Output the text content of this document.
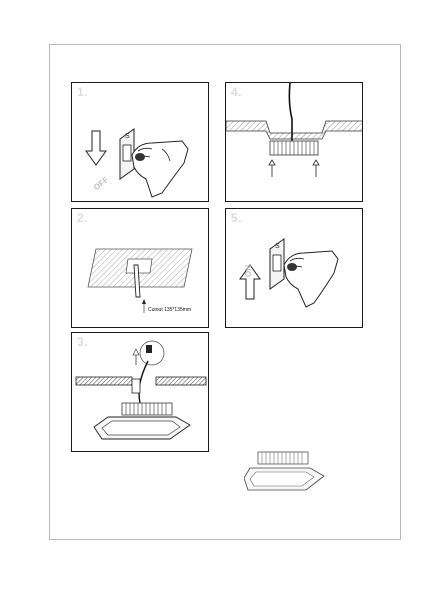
1.
S
OFF
4.
2.
Cutout 135*135mm
5.
S
ON
3.
